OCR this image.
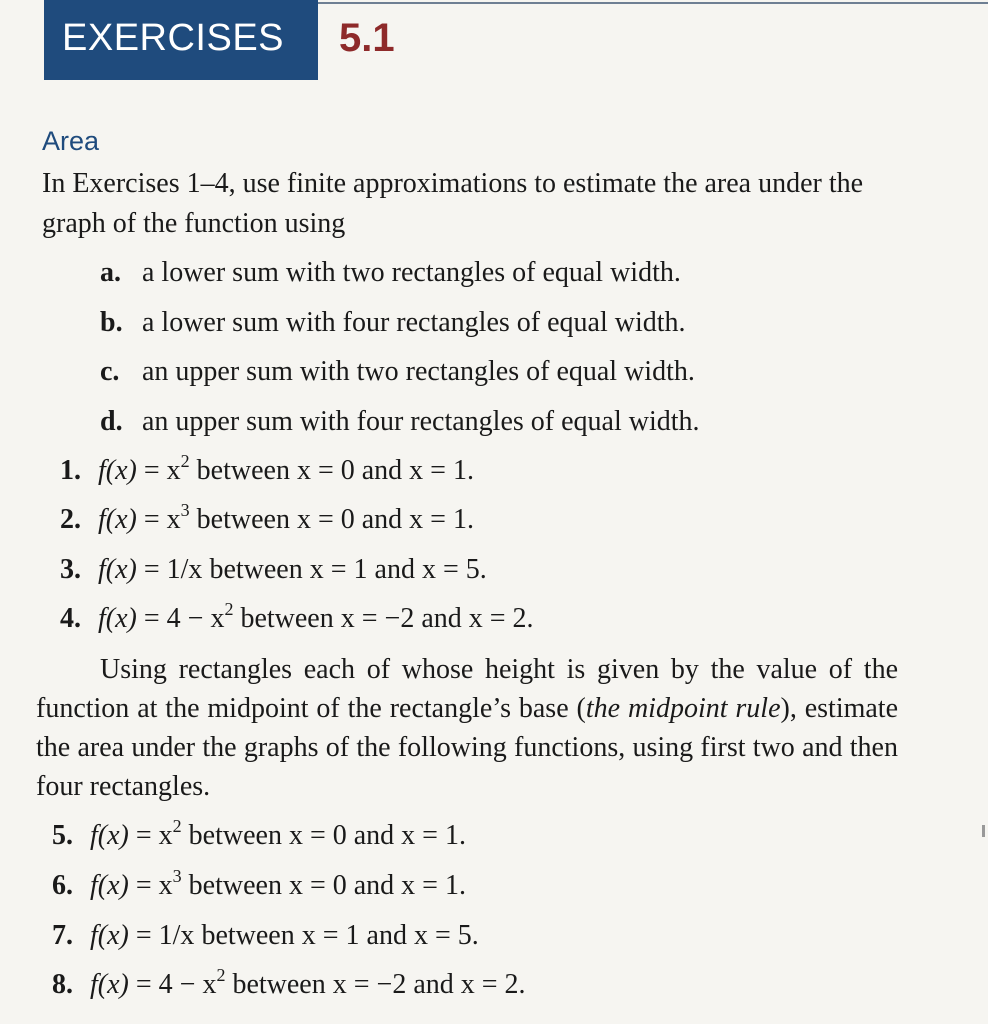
EXERCISES	5.1
Area
In Exercises 1–4, use finite approximations to estimate the area under the graph of the function using
a. a lower sum with two rectangles of equal width.
b. a lower sum with four rectangles of equal width.
c. an upper sum with two rectangles of equal width.
d. an upper sum with four rectangles of equal width.
1. $f(x) = x^2$ between x = 0 and x = 1.
2. $f(x) = x^3$ between x = 0 and x = 1.
3. f(x) = 1/x between x = 1 and x = 5.
4. $f(x) = 4 - x^2$ between x = −2 and x = 2.
Using rectangles each of whose height is given by the value of the function at the midpoint of the rectangle’s base (the midpoint rule), estimate the area under the graphs of the following functions, using first two and then four rectangles.
5. $f(x) = x^2$ between x = 0 and x = 1.
6. $f(x) = x^3$ between x = 0 and x = 1.
7. f(x) = 1/x between x = 1 and x = 5.
8. $f(x) = 4 - x^2$ between x = −2 and x = 2.
